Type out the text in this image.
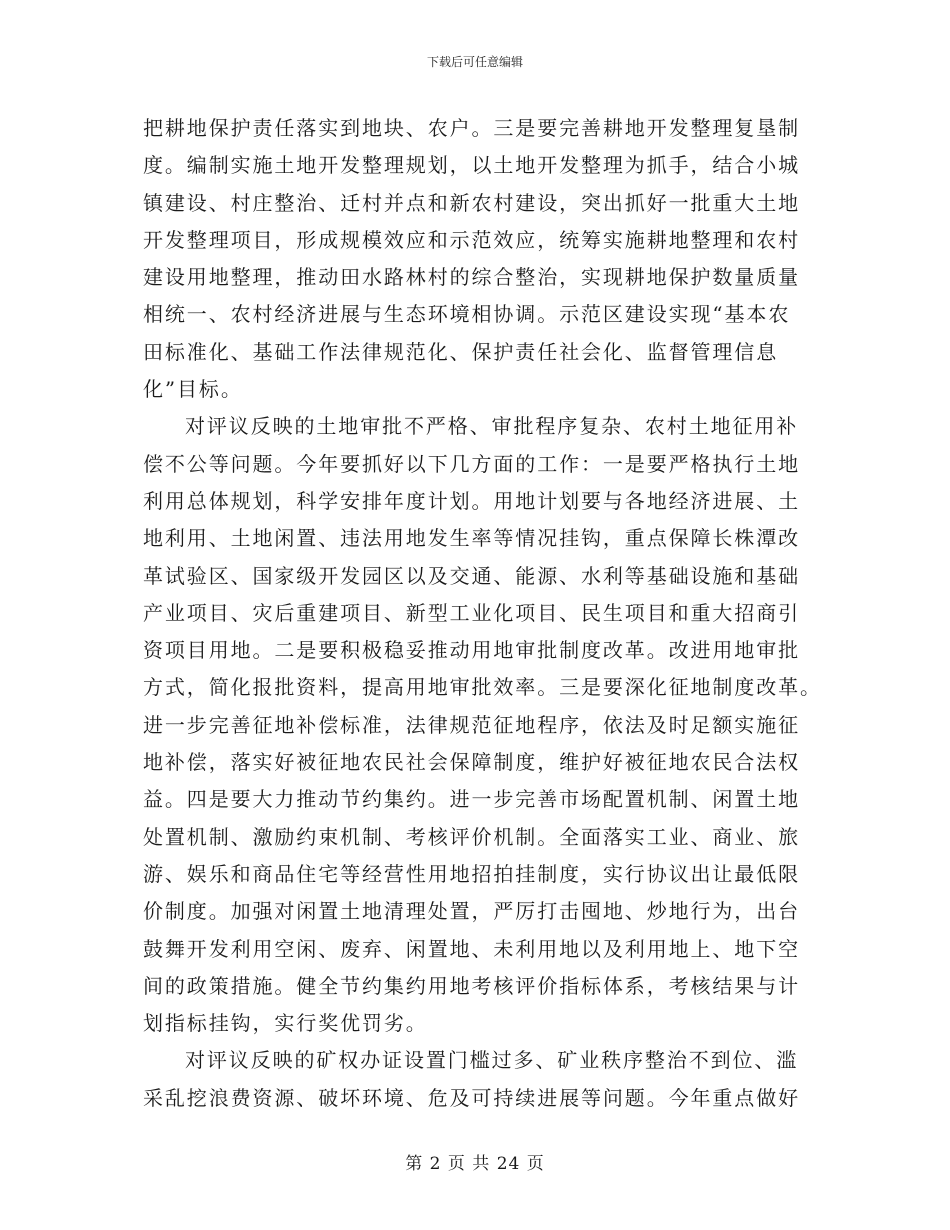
下载后可任意编辑
把耕地保护责任落实到地块、农户。三是要完善耕地开发整理复垦制
度。编制实施土地开发整理规划，以土地开发整理为抓手，结合小城
镇建设、村庄整治、迁村并点和新农村建设，突出抓好一批重大土地
开发整理项目，形成规模效应和示范效应，统筹实施耕地整理和农村
建设用地整理，推动田水路林村的综合整治，实现耕地保护数量质量
相统一、农村经济进展与生态环境相协调。示范区建设实现“基本农
田标准化、基础工作法律规范化、保护责任社会化、监督管理信息
化”目标。
对评议反映的土地审批不严格、审批程序复杂、农村土地征用补
偿不公等问题。今年要抓好以下几方面的工作：一是要严格执行土地
利用总体规划，科学安排年度计划。用地计划要与各地经济进展、土
地利用、土地闲置、违法用地发生率等情况挂钩，重点保障长株潭改
革试验区、国家级开发园区以及交通、能源、水利等基础设施和基础
产业项目、灾后重建项目、新型工业化项目、民生项目和重大招商引
资项目用地。二是要积极稳妥推动用地审批制度改革。改进用地审批
方式，简化报批资料，提高用地审批效率。三是要深化征地制度改革。
进一步完善征地补偿标准，法律规范征地程序，依法及时足额实施征
地补偿，落实好被征地农民社会保障制度，维护好被征地农民合法权
益。四是要大力推动节约集约。进一步完善市场配置机制、闲置土地
处置机制、激励约束机制、考核评价机制。全面落实工业、商业、旅
游、娱乐和商品住宅等经营性用地招拍挂制度，实行协议出让最低限
价制度。加强对闲置土地清理处置，严厉打击囤地、炒地行为，出台
鼓舞开发利用空闲、废弃、闲置地、未利用地以及利用地上、地下空
间的政策措施。健全节约集约用地考核评价指标体系，考核结果与计
划指标挂钩，实行奖优罚劣。
对评议反映的矿权办证设置门槛过多、矿业秩序整治不到位、滥
采乱挖浪费资源、破坏环境、危及可持续进展等问题。今年重点做好
第 2 页 共 24 页
